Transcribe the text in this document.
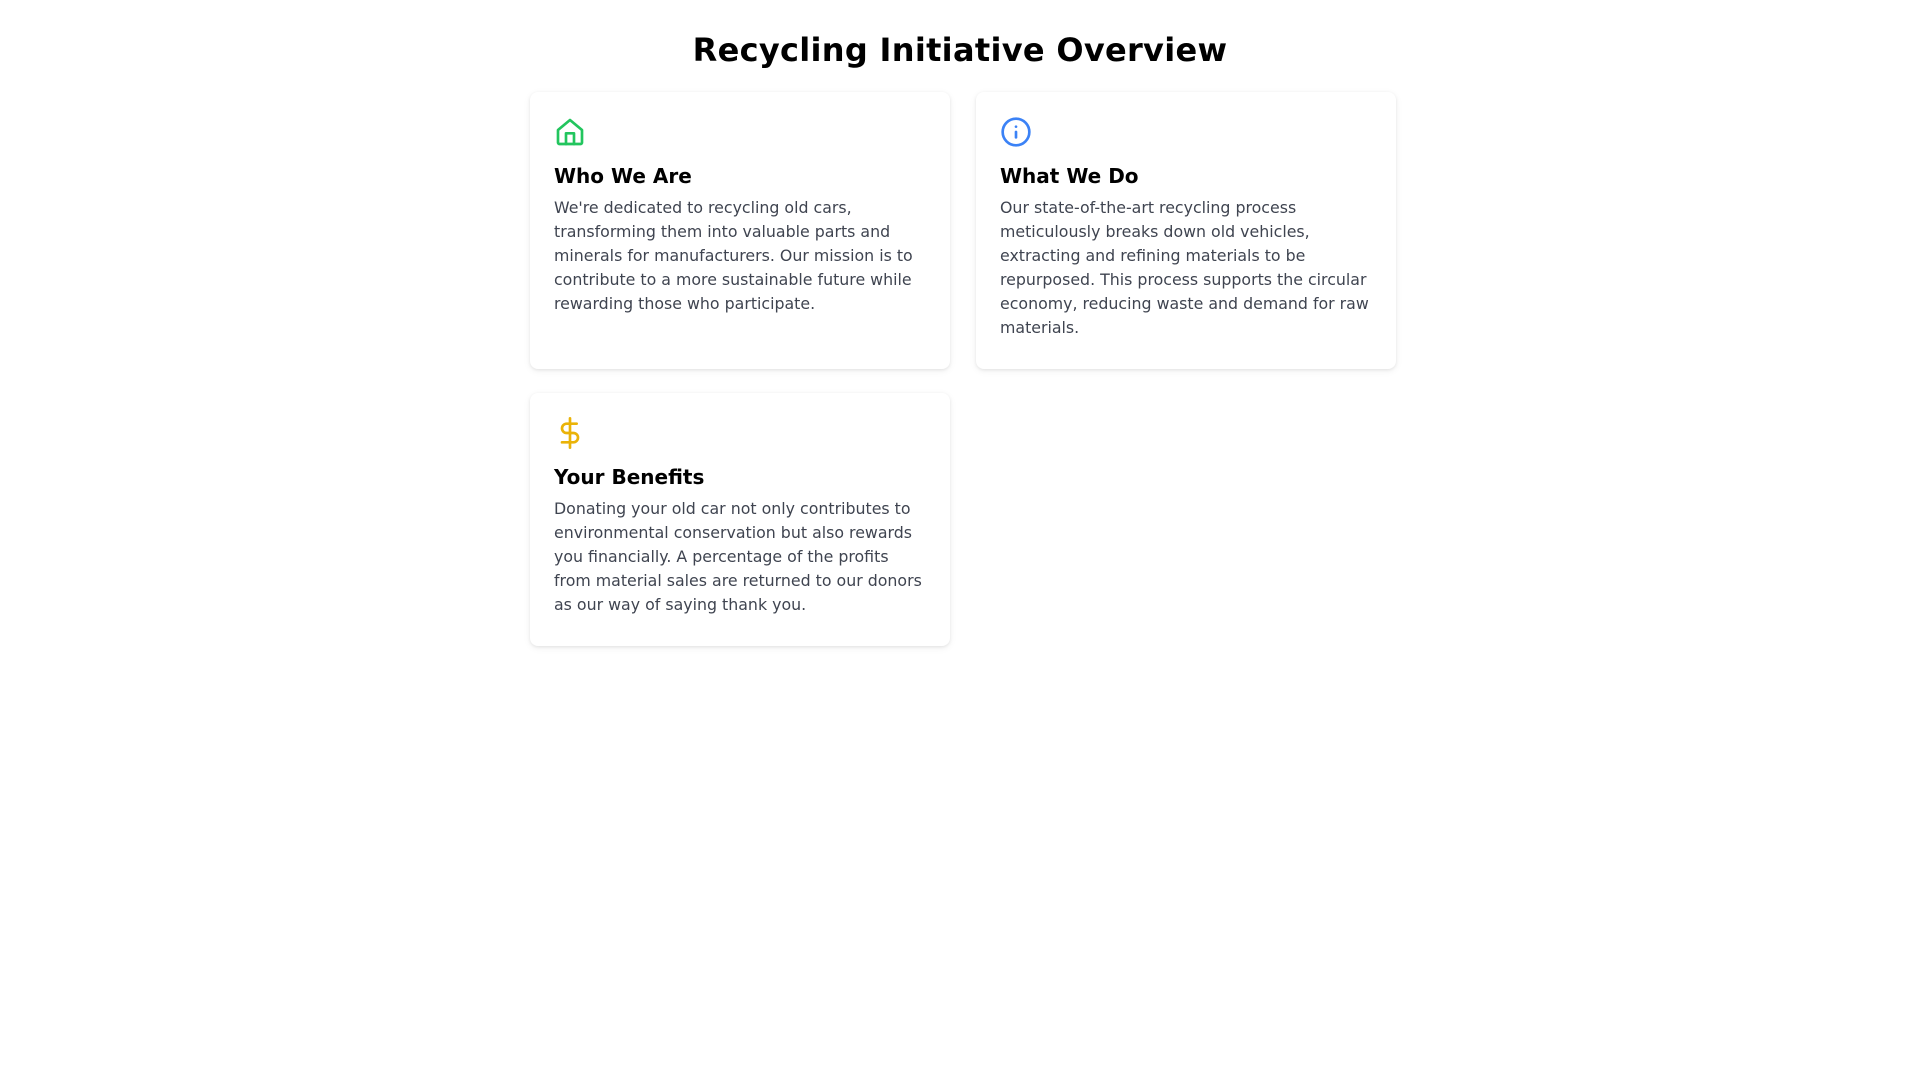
Recycling Initiative Overview
Who We Are

We're dedicated to recycling old cars, transforming them into valuable parts and minerals for manufacturers. Our mission is to contribute to a more sustainable future while rewarding those who participate.

What We Do

Our state-of-the-art recycling process meticulously breaks down old vehicles, extracting and refining materials to be repurposed. This process supports the circular economy, reducing waste and demand for raw materials.

Your Benefits

Donating your old car not only contributes to environmental conservation but also rewards you financially. A percentage of the profits from material sales are returned to our donors as our way of saying thank you.
